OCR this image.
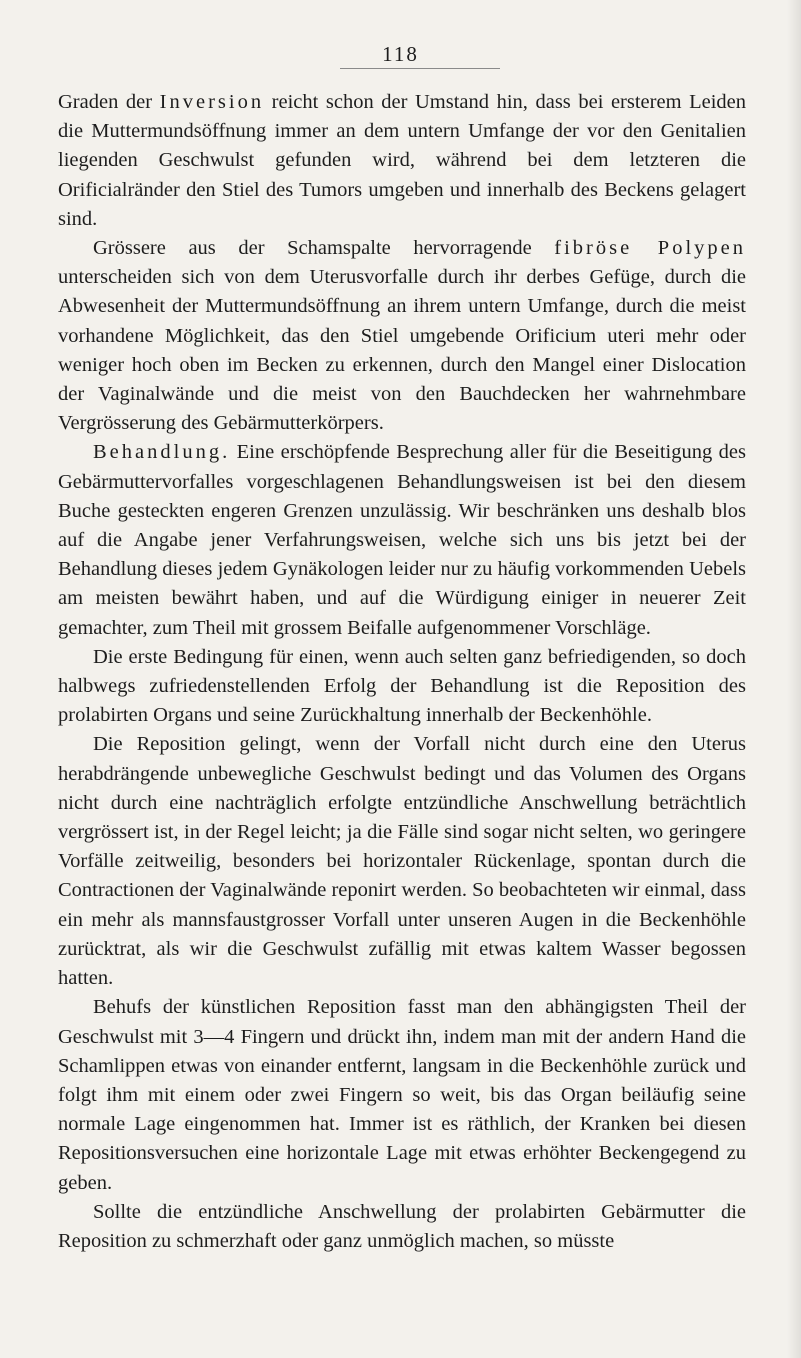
118

Graden der Inversion reicht schon der Umstand hin, dass bei ersterem Leiden die Muttermundsöffnung immer an dem untern Umfange der vor den Genitalien liegenden Geschwulst gefunden wird, während bei dem letzteren die Orificialränder den Stiel des Tumors umgeben und innerhalb des Beckens gelagert sind.

Grössere aus der Schamspalte hervorragende fibröse Polypen unterscheiden sich von dem Uterusvorfalle durch ihr derbes Gefüge, durch die Abwesenheit der Muttermundsöffnung an ihrem untern Umfange, durch die meist vorhandene Möglichkeit, das den Stiel umgebende Orificium uteri mehr oder weniger hoch oben im Becken zu erkennen, durch den Mangel einer Dislocation der Vaginalwände und die meist von den Bauchdecken her wahrnehmbare Vergrösserung des Gebärmutterkörpers.

Behandlung. Eine erschöpfende Besprechung aller für die Beseitigung des Gebärmuttervorfalles vorgeschlagenen Behandlungsweisen ist bei den diesem Buche gesteckten engeren Grenzen unzulässig. Wir beschränken uns deshalb blos auf die Angabe jener Verfahrungsweisen, welche sich uns bis jetzt bei der Behandlung dieses jedem Gynäkologen leider nur zu häufig vorkommenden Uebels am meisten bewährt haben, und auf die Würdigung einiger in neuerer Zeit gemachter, zum Theil mit grossem Beifalle aufgenommener Vorschläge.

Die erste Bedingung für einen, wenn auch selten ganz befriedigenden, so doch halbwegs zufriedenstellenden Erfolg der Behandlung ist die Reposition des prolabirten Organs und seine Zurückhaltung innerhalb der Beckenhöhle.

Die Reposition gelingt, wenn der Vorfall nicht durch eine den Uterus herabdrängende unbewegliche Geschwulst bedingt und das Volumen des Organs nicht durch eine nachträglich erfolgte entzündliche Anschwellung beträchtlich vergrössert ist, in der Regel leicht; ja die Fälle sind sogar nicht selten, wo geringere Vorfälle zeitweilig, besonders bei horizontaler Rückenlage, spontan durch die Contractionen der Vaginalwände reponirt werden. So beobachteten wir einmal, dass ein mehr als mannsfaustgrosser Vorfall unter unseren Augen in die Beckenhöhle zurücktrat, als wir die Geschwulst zufällig mit etwas kaltem Wasser begossen hatten.

Behufs der künstlichen Reposition fasst man den abhängigsten Theil der Geschwulst mit 3—4 Fingern und drückt ihn, indem man mit der andern Hand die Schamlippen etwas von einander entfernt, langsam in die Beckenhöhle zurück und folgt ihm mit einem oder zwei Fingern so weit, bis das Organ beiläufig seine normale Lage eingenommen hat. Immer ist es räthlich, der Kranken bei diesen Repositionsversuchen eine horizontale Lage mit etwas erhöhter Beckengegend zu geben.

Sollte die entzündliche Anschwellung der prolabirten Gebärmutter die Reposition zu schmerzhaft oder ganz unmöglich machen, so müsste
